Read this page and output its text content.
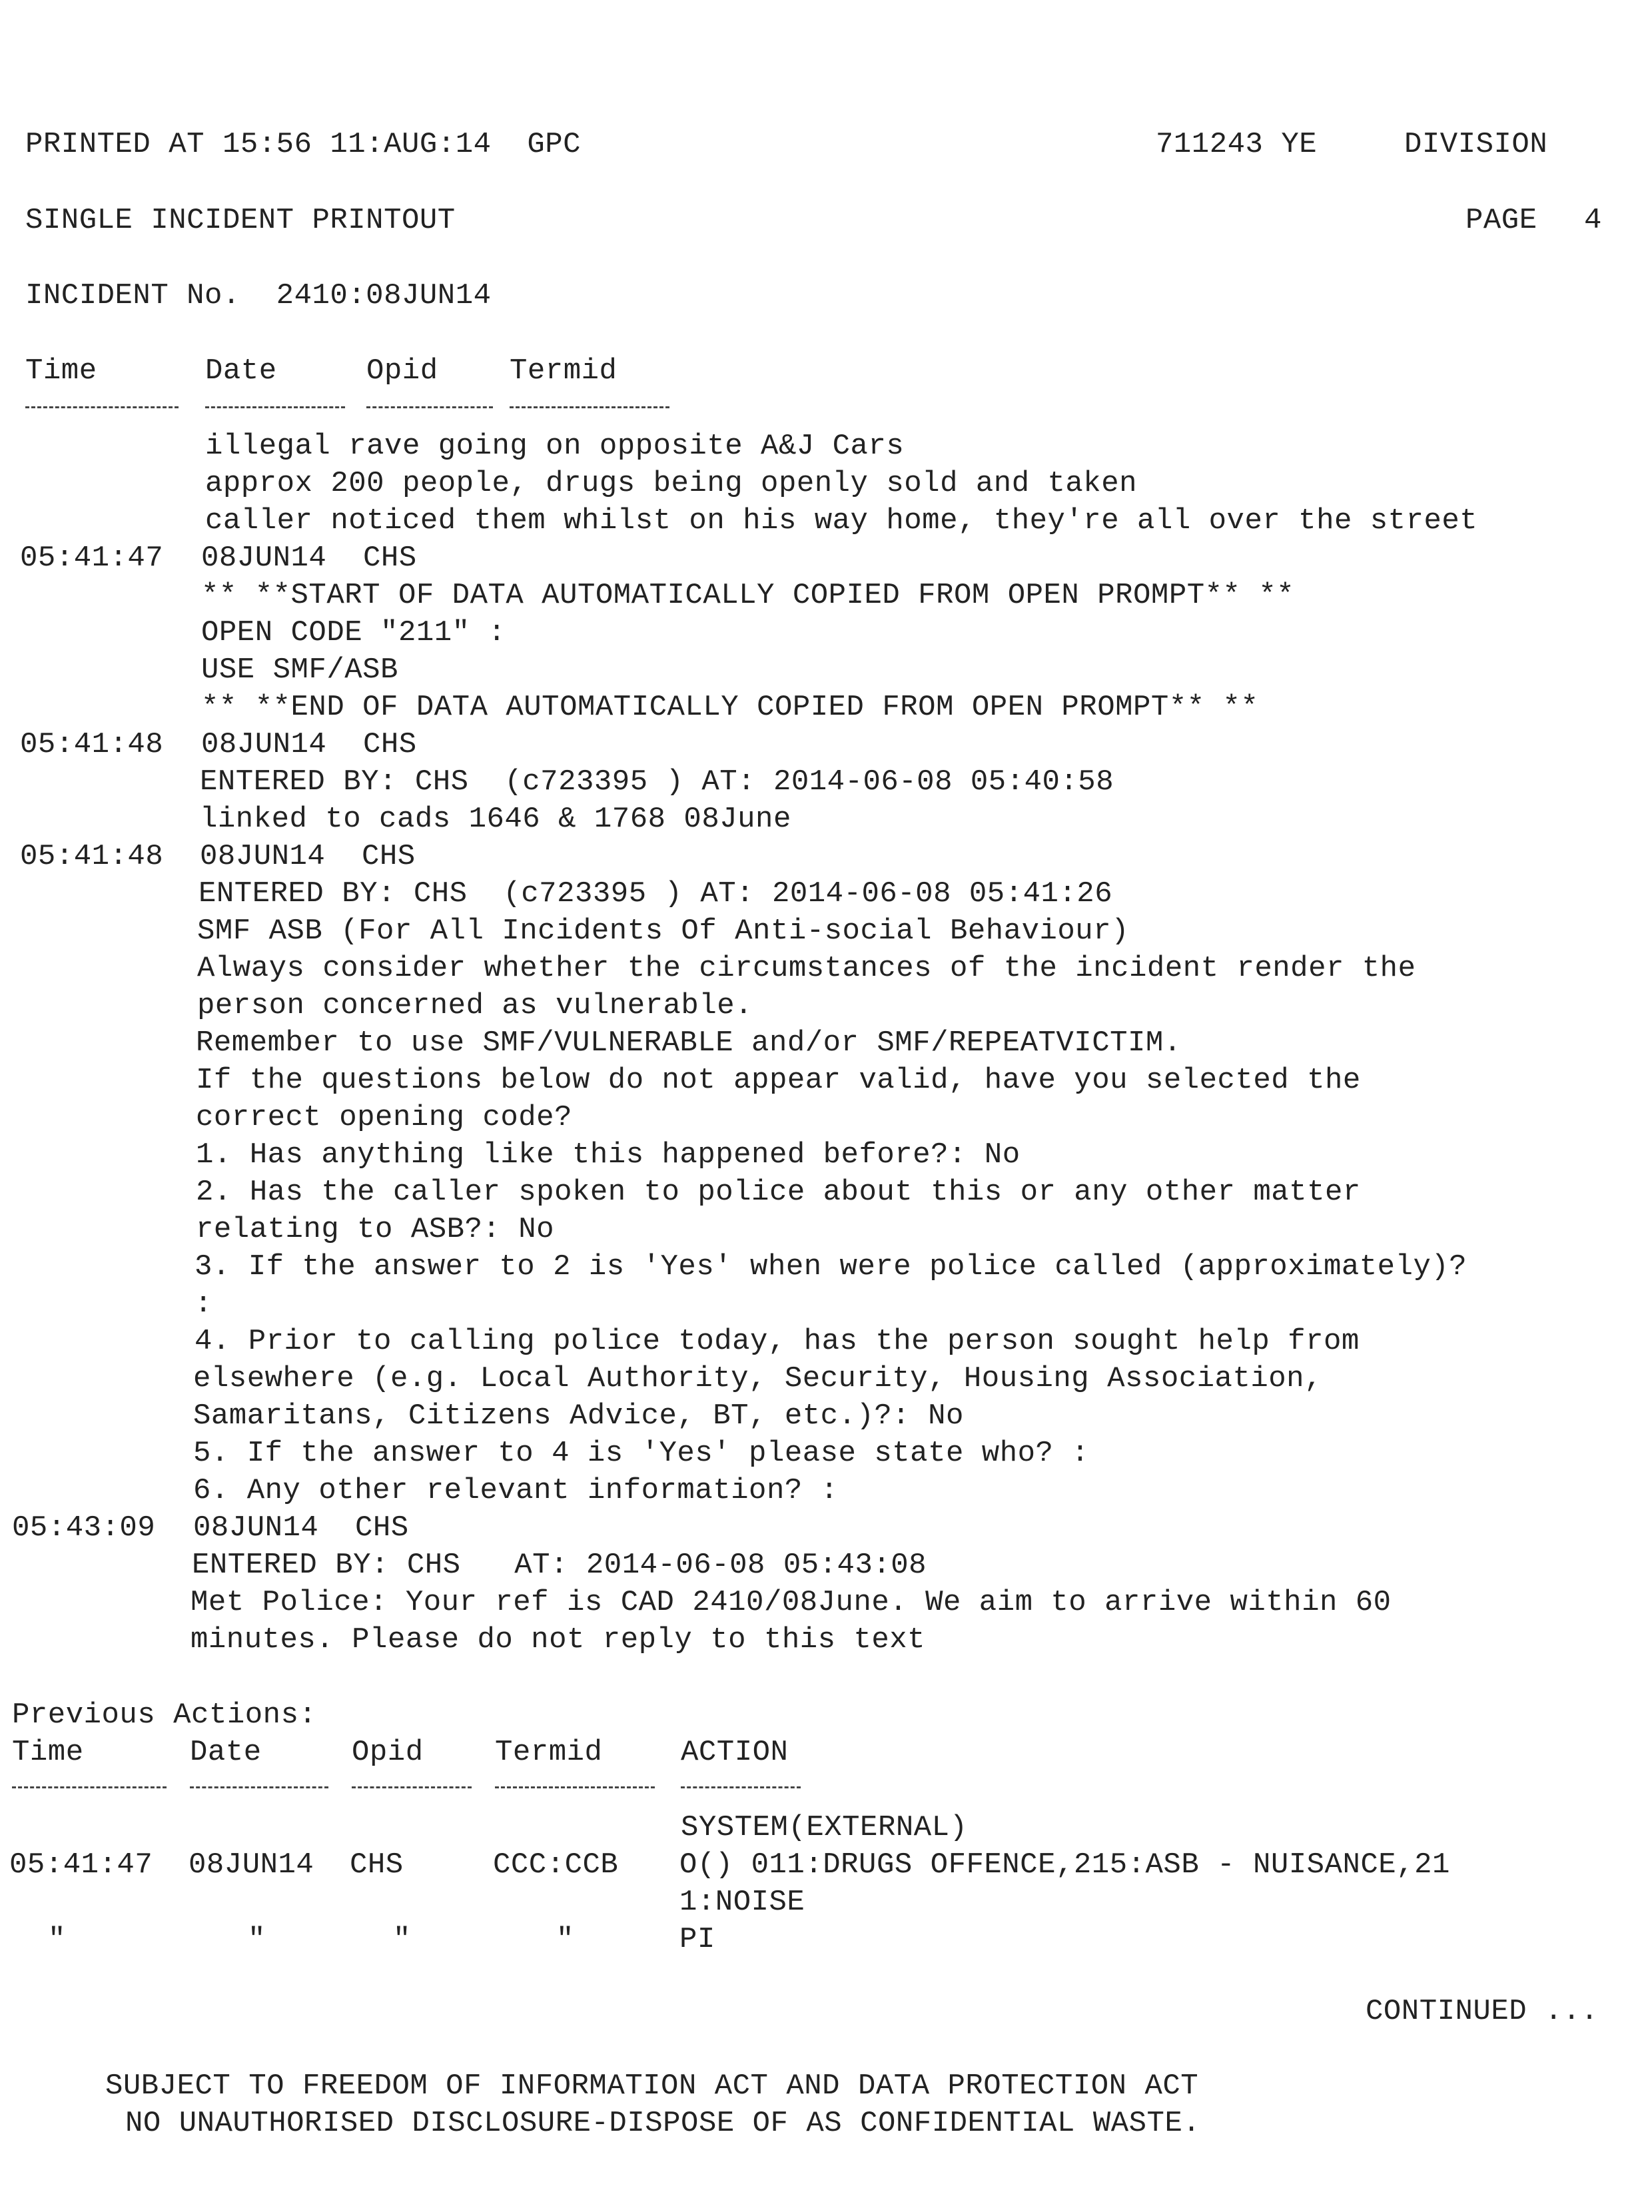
PRINTED AT 15:56 11:AUG:14  GPC	711243 YE	DIVISION
SINGLE INCIDENT PRINTOUT	PAGE 4
INCIDENT No.  2410:08JUN14
Time	Date	Opid Termid
illegal rave going on opposite A&J Cars
approx 200 people, drugs being openly sold and taken
caller noticed them whilst on his way home, they're all over the street
05:41:47 08JUN14 CHS
** **START OF DATA AUTOMATICALLY COPIED FROM OPEN PROMPT** **
OPEN CODE "211" :
USE SMF/ASB
** **END OF DATA AUTOMATICALLY COPIED FROM OPEN PROMPT** **
05:41:48 08JUN14 CHS
ENTERED BY: CHS  (c723395 ) AT: 2014-06-08 05:40:58
linked to cads 1646 & 1768 08June
05:41:48 08JUN14 CHS
ENTERED BY: CHS  (c723395 ) AT: 2014-06-08 05:41:26
SMF ASB (For All Incidents Of Anti-social Behaviour)
Always consider whether the circumstances of the incident render the
person concerned as vulnerable.
Remember to use SMF/VULNERABLE and/or SMF/REPEATVICTIM.
If the questions below do not appear valid, have you selected the
correct opening code?
1. Has anything like this happened before?: No
2. Has the caller spoken to police about this or any other matter
relating to ASB?: No
3. If the answer to 2 is 'Yes' when were police called (approximately)?
:
4. Prior to calling police today, has the person sought help from
elsewhere (e.g. Local Authority, Security, Housing Association,
Samaritans, Citizens Advice, BT, etc.)?: No
5. If the answer to 4 is 'Yes' please state who? :
6. Any other relevant information? :
05:43:09 08JUN14 CHS
ENTERED BY: CHS   AT: 2014-06-08 05:43:08
Met Police: Your ref is CAD 2410/08June. We aim to arrive within 60
minutes. Please do not reply to this text
Previous Actions:
Time	Date	Opid Termid	ACTION
SYSTEM(EXTERNAL)
05:41:47 08JUN14 CHS	CCC:CCB O() 011:DRUGS OFFENCE,215:ASB - NUISANCE,21
1:NOISE
"	"	"	"	PI
CONTINUED ...
SUBJECT TO FREEDOM OF INFORMATION ACT AND DATA PROTECTION ACT
NO UNAUTHORISED DISCLOSURE-DISPOSE OF AS CONFIDENTIAL WASTE.
